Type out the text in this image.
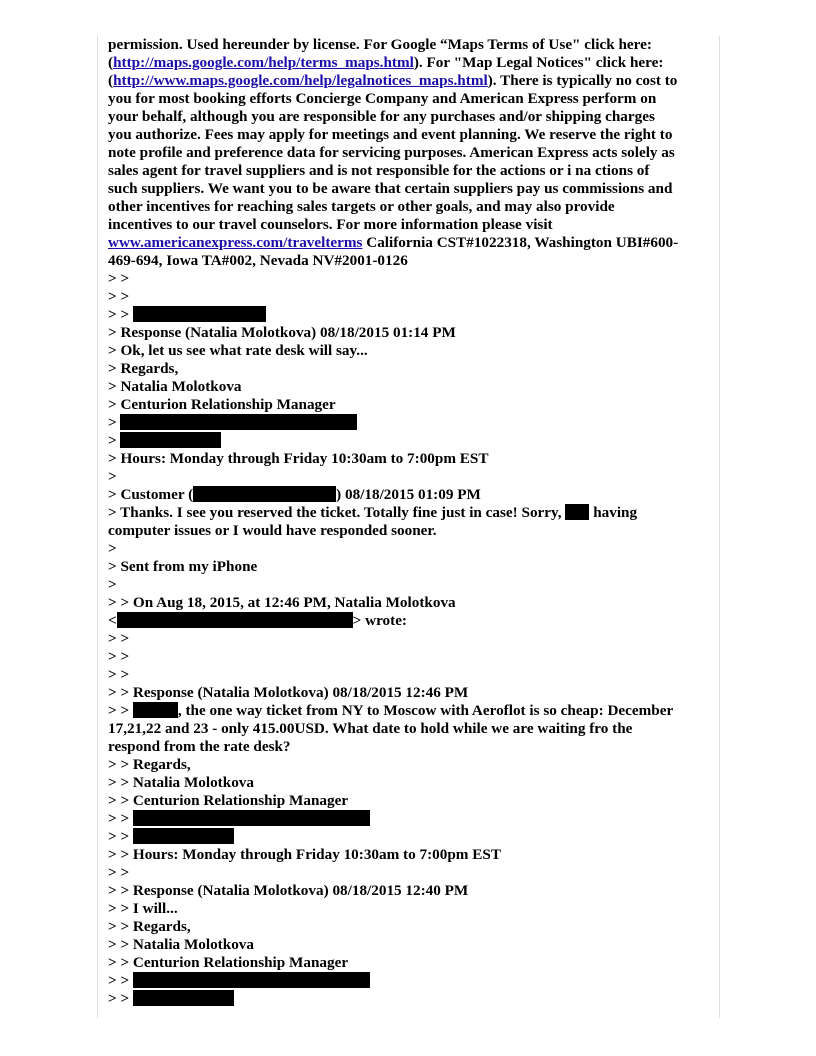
permission. Used hereunder by license. For Google “Maps Terms of Use" click here:
(http://maps.google.com/help/terms_maps.html). For "Map Legal Notices" click here:
(http://www.maps.google.com/help/legalnotices_maps.html). There is typically no cost to
you for most booking efforts Concierge Company and American Express perform on
your behalf, although you are responsible for any purchases and/or shipping charges
you authorize. Fees may apply for meetings and event planning. We reserve the right to
note profile and preference data for servicing purposes. American Express acts solely as
sales agent for travel suppliers and is not responsible for the actions or i na ctions of
such suppliers. We want you to be aware that certain suppliers pay us commissions and
other incentives for reaching sales targets or other goals, and may also provide
incentives to our travel counselors. For more information please visit
www.americanexpress.com/travelterms California CST#1022318, Washington UBI#600-
469-694, Iowa TA#002, Nevada NV#2001-0126
> >
> >
> >
> Response (Natalia Molotkova) 08/18/2015 01:14 PM
> Ok, let us see what rate desk will say...
> Regards,
> Natalia Molotkova
> Centurion Relationship Manager
>
>
> Hours: Monday through Friday 10:30am to 7:00pm EST
>
> Customer (	) 08/18/2015 01:09 PM
> Thanks. I see you reserved the ticket. Totally fine just in case! Sorry,  having
computer issues or I would have responded sooner.
>
> Sent from my iPhone
>
> > On Aug 18, 2015, at 12:46 PM, Natalia Molotkova
<	> wrote:
> >
> >
> >
> > Response (Natalia Molotkova) 08/18/2015 12:46 PM
> >	, the one way ticket from NY to Moscow with Aeroflot is so cheap: December
17,21,22 and 23 - only 415.00USD. What date to hold while we are waiting fro the
respond from the rate desk?
> > Regards,
> > Natalia Molotkova
> > Centurion Relationship Manager
> >
> >
> > Hours: Monday through Friday 10:30am to 7:00pm EST
> >
> > Response (Natalia Molotkova) 08/18/2015 12:40 PM
> > I will...
> > Regards,
> > Natalia Molotkova
> > Centurion Relationship Manager
> >
> >
